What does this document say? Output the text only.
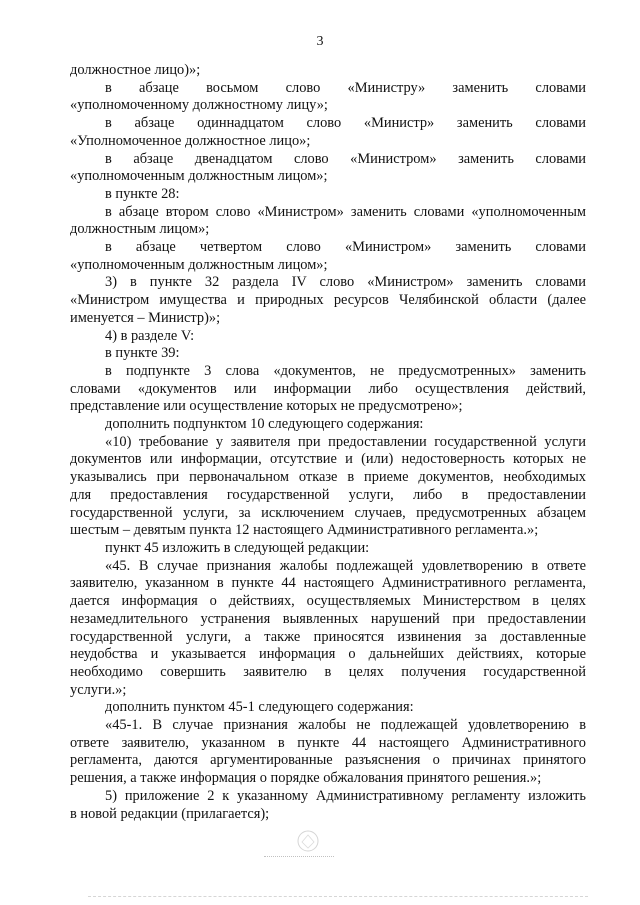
3

должностное лицо)»;

в абзаце восьмом слово «Министру» заменить словами
«уполномоченному должностному лицу»;

в абзаце одиннадцатом слово «Министр» заменить словами
«Уполномоченное должностное лицо»;

в абзаце двенадцатом слово «Министром» заменить словами
«уполномоченным должностным лицом»;

в пункте 28:

в абзаце втором слово «Министром» заменить словами «уполномоченным
должностным лицом»;

в абзаце четвертом слово «Министром» заменить словами
«уполномоченным должностным лицом»;

3) в пункте 32 раздела IV слово «Министром» заменить словами
«Министром имущества и природных ресурсов Челябинской области (далее
именуется – Министр)»;

4) в разделе V:

в пункте 39:

в подпункте 3 слова «документов, не предусмотренных» заменить
словами «документов или информации либо осуществления действий,
представление или осуществление которых не предусмотрено»;

дополнить подпунктом 10 следующего содержания:

«10) требование у заявителя при предоставлении государственной услуги
документов или информации, отсутствие и (или) недостоверность которых не
указывались при первоначальном отказе в приеме документов, необходимых
для предоставления государственной услуги, либо в предоставлении
государственной услуги, за исключением случаев, предусмотренных абзацем
шестым – девятым пункта 12 настоящего Административного регламента.»;

пункт 45 изложить в следующей редакции:

«45. В случае признания жалобы подлежащей удовлетворению в ответе
заявителю, указанном в пункте 44 настоящего Административного регламента,
дается информация о действиях, осуществляемых Министерством в целях
незамедлительного устранения выявленных нарушений при предоставлении
государственной услуги, а также приносятся извинения за доставленные
неудобства и указывается информация о дальнейших действиях, которые
необходимо совершить заявителю в целях получения государственной
услуги.»;

дополнить пунктом 45-1 следующего содержания:

«45-1. В случае признания жалобы не подлежащей удовлетворению в
ответе заявителю, указанном в пункте 44 настоящего Административного
регламента, даются аргументированные разъяснения о причинах принятого
решения, а также информация о порядке обжалования принятого решения.»;

5) приложение 2 к указанному Административному регламенту изложить
в новой редакции (прилагается);
